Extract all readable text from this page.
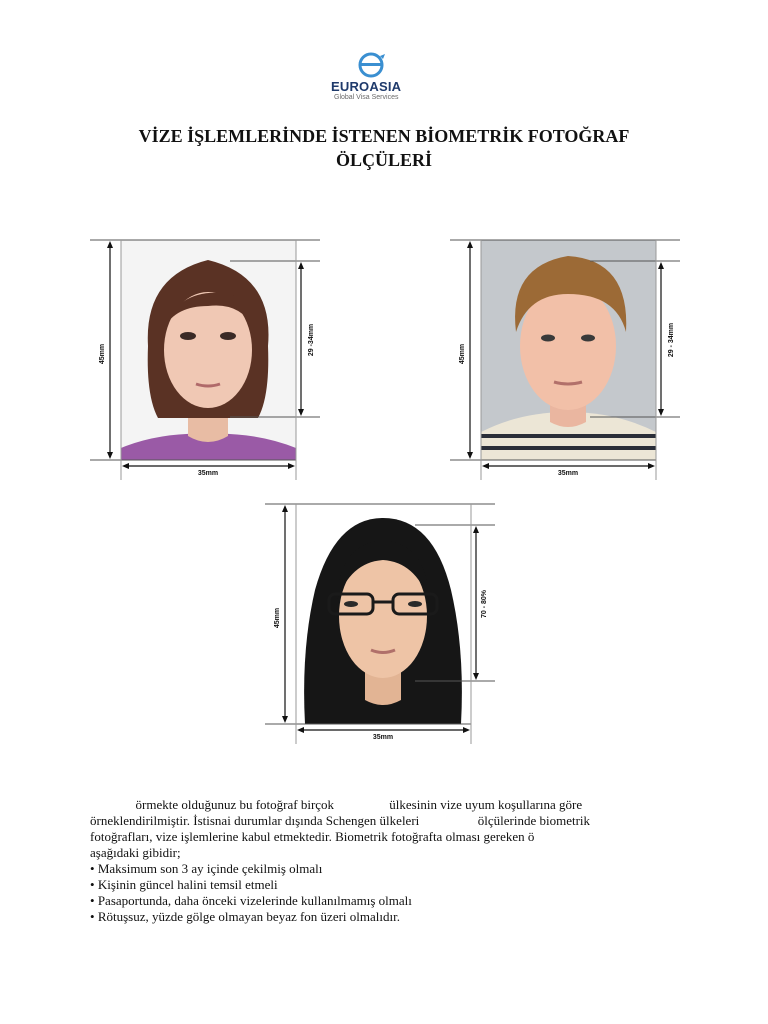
EUROASIA
Global Visa Services
VİZE İŞLEMLERİNDE İSTENEN BİOMETRİK FOTOĞRAF
ÖLÇÜLERİ
45mm	29 -34mm
35mm
45mm	29 - 34mm
35mm
45mm	70 - 80%
35mm

örmekte olduğunuz bu fotoğraf birçok                 ülkesinin vize uyum koşullarına göre

örneklendirilmiştir. İstisnai durumlar dışında Schengen ülkeleri                  ölçülerinde biometrik

fotoğrafları, vize işlemlerine kabul etmektedir. Biometrik fotoğrafta olması gereken ö

aşağıdaki gibidir;

• Maksimum son 3 ay içinde çekilmiş olmalı
• Kişinin güncel halini temsil etmeli
• Pasaportunda, daha önceki vizelerinde kullanılmamış olmalı
• Rötuşsuz, yüzde gölge olmayan beyaz fon üzeri olmalıdır.
